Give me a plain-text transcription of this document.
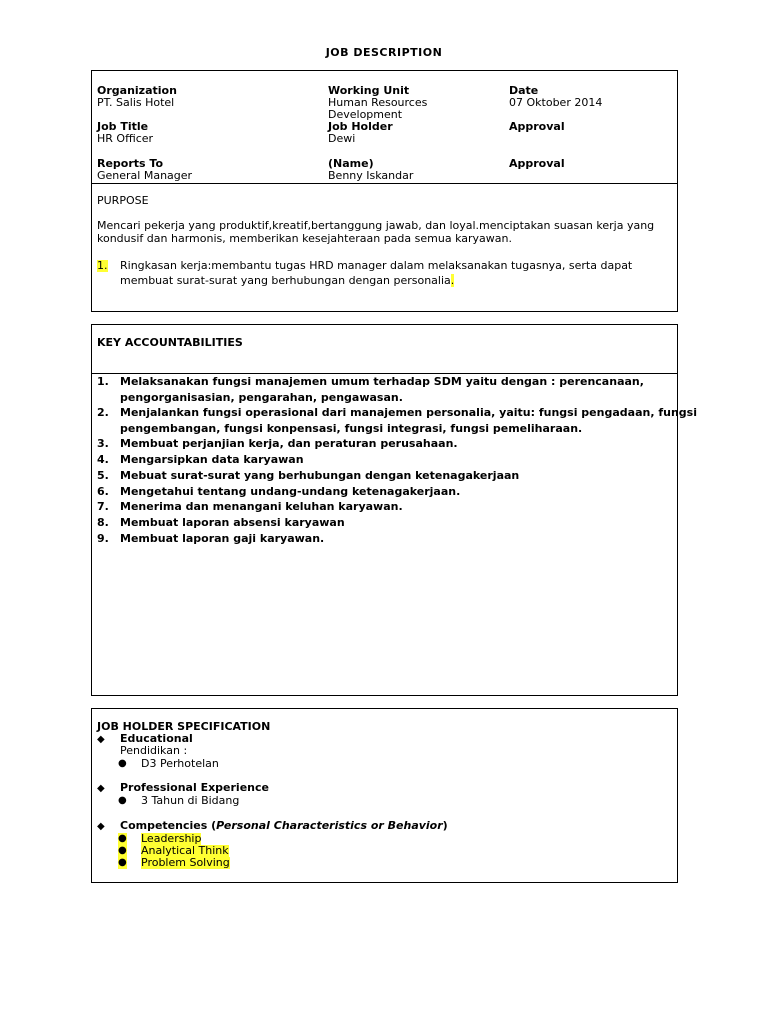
JOB DESCRIPTION
Organization
PT. Salis Hotel
Working Unit
Human Resources
Development
Date
07 Oktober 2014
Job Title
HR Officer
Job Holder
Dewi
Approval
Reports To
General Manager
(Name)
Benny Iskandar
Approval
PURPOSE
Mencari pekerja yang produktif,kreatif,bertanggung jawab, dan loyal.menciptakan suasan kerja yang kondusif dan harmonis, memberikan kesejahteraan pada semua karyawan.
1. Ringkasan kerja:membantu tugas HRD manager dalam melaksanakan tugasnya, serta dapat
membuat surat-surat yang berhubungan dengan personalia.
KEY ACCOUNTABILITIES
1. Melaksanakan fungsi manajemen umum terhadap SDM yaitu dengan : perencanaan,
pengorganisasian, pengarahan, pengawasan.
2. Menjalankan fungsi operasional dari manajemen personalia, yaitu: fungsi pengadaan, fungsi
pengembangan, fungsi konpensasi, fungsi integrasi, fungsi pemeliharaan.
3. Membuat perjanjian kerja, dan peraturan perusahaan.
4. Mengarsipkan data karyawan
5. Mebuat surat-surat yang berhubungan dengan ketenagakerjaan
6. Mengetahui tentang undang-undang ketenagakerjaan.
7. Menerima dan menangani keluhan karyawan.
8. Membuat laporan absensi karyawan
9. Membuat laporan gaji karyawan.
JOB HOLDER SPECIFICATION
◆ Educational
Pendidikan :
● D3 Perhotelan
◆ Professional Experience
● 3 Tahun di Bidang
◆ Competencies (Personal Characteristics or Behavior)
● Leadership
● Analytical Think
● Problem Solving
